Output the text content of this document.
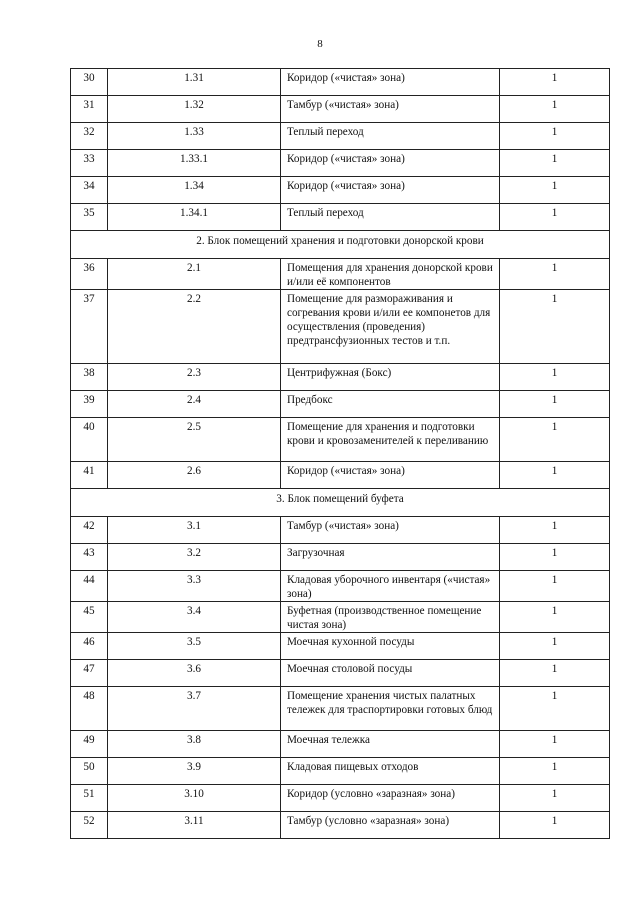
8
30	1.31	Коридор («чистая» зона)	1
31	1.32	Тамбур («чистая» зона)	1
32	1.33	Теплый переход	1
33	1.33.1	Коридор («чистая» зона)	1
34	1.34	Коридор («чистая» зона)	1
35	1.34.1	Теплый переход	1
2. Блок помещений хранения и подготовки донорской крови			
36	2.1	Помещения для хранения донорской крови и/или её компонентов	1
37	2.2	Помещение для размораживания и согревания крови и/или ее компонетов для осуществления (проведения) предтрансфузионных тестов и т.п.	1
38	2.3	Центрифужная (Бокс)	1
39	2.4	Предбокс	1
40	2.5	Помещение для хранения и подготовки крови и кровозаменителей к переливанию	1
41	2.6	Коридор («чистая» зона)	1
3. Блок помещений буфета			
42	3.1	Тамбур («чистая» зона)	1
43	3.2	Загрузочная	1
44	3.3	Кладовая уборочного инвентаря («чистая» зона)	1
45	3.4	Буфетная (производственное помещение чистая зона)	1
46	3.5	Моечная кухонной посуды	1
47	3.6	Моечная столовой посуды	1
48	3.7	Помещение хранения чистых палатных тележек для траспортировки готовых блюд	1
49	3.8	Моечная тележка	1
50	3.9	Кладовая пищевых отходов	1
51	3.10	Коридор (условно «заразная» зона)	1
52	3.11	Тамбур (условно «заразная» зона)	1
